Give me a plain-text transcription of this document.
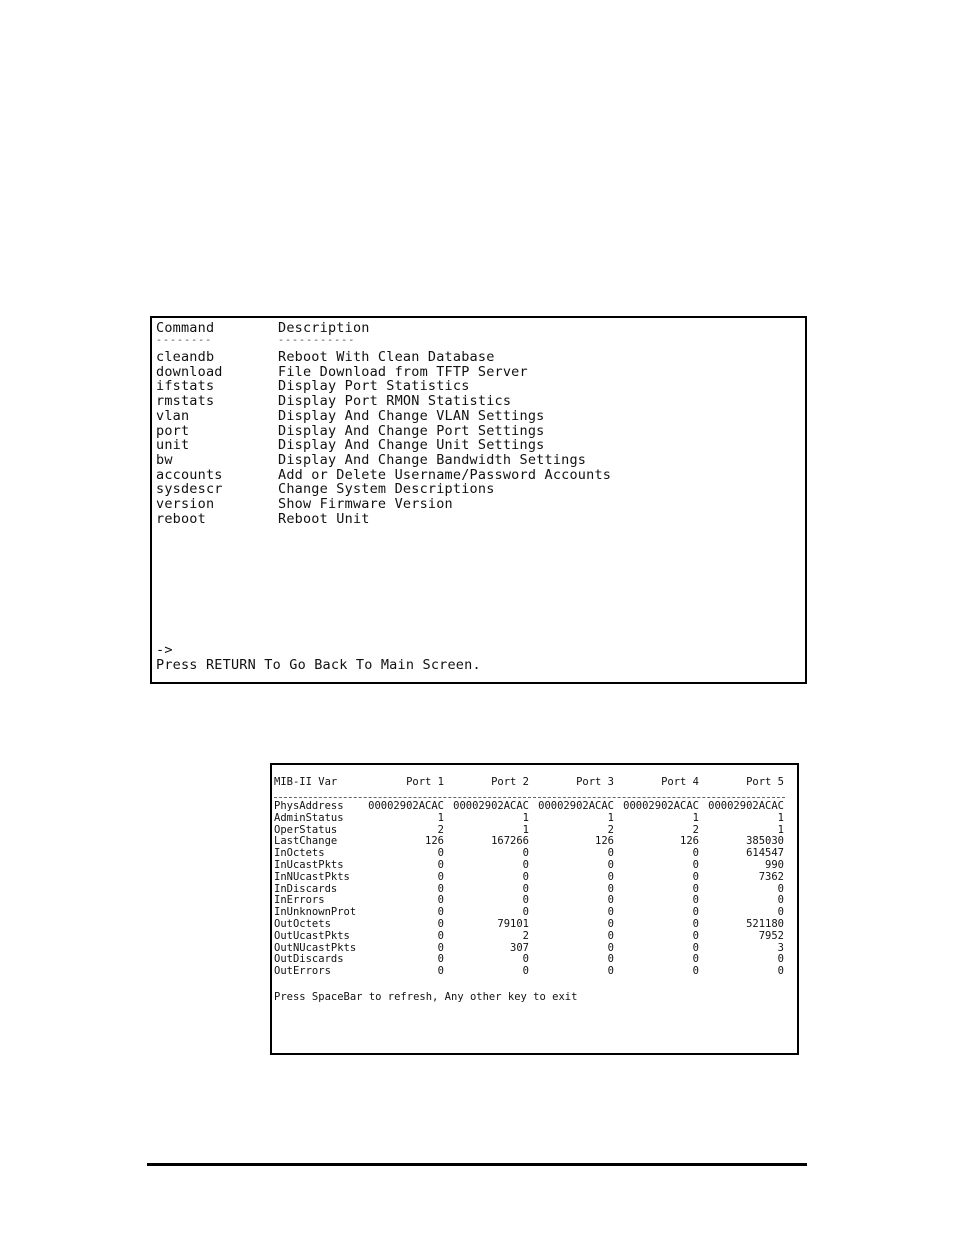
Command	Description
--------	-----------
cleandb	Reboot With Clean Database
download	File Download from TFTP Server
ifstats	Display Port Statistics
rmstats	Display Port RMON Statistics
vlan	Display And Change VLAN Settings
port	Display And Change Port Settings
unit	Display And Change Unit Settings
bw	Display And Change Bandwidth Settings
accounts	Add or Delete Username/Password Accounts
sysdescr	Change System Descriptions
version	Show Firmware Version
reboot	Reboot Unit
->
Press RETURN To Go Back To Main Screen.
MIB-II Var	Port 1	Port 2	Port 3	Port 4	Port 5
PhysAddress	00002902ACAC 00002902ACAC 00002902ACAC 00002902ACAC 00002902ACAC
AdminStatus	1	1	1	1	1
OperStatus	2	1	2	2	1
LastChange	126	167266	126	126	385030
InOctets	0	0	0	0	614547
InUcastPkts	0	0	0	0	990
InNUcastPkts	0	0	0	0	7362
InDiscards	0	0	0	0	0
InErrors	0	0	0	0	0
InUnknownProt	0	0	0	0	0
OutOctets	0	79101	0	0	521180
OutUcastPkts	0	2	0	0	7952
OutNUcastPkts	0	307	0	0	3
OutDiscards	0	0	0	0	0
OutErrors	0	0	0	0	0
Press SpaceBar to refresh, Any other key to exit
